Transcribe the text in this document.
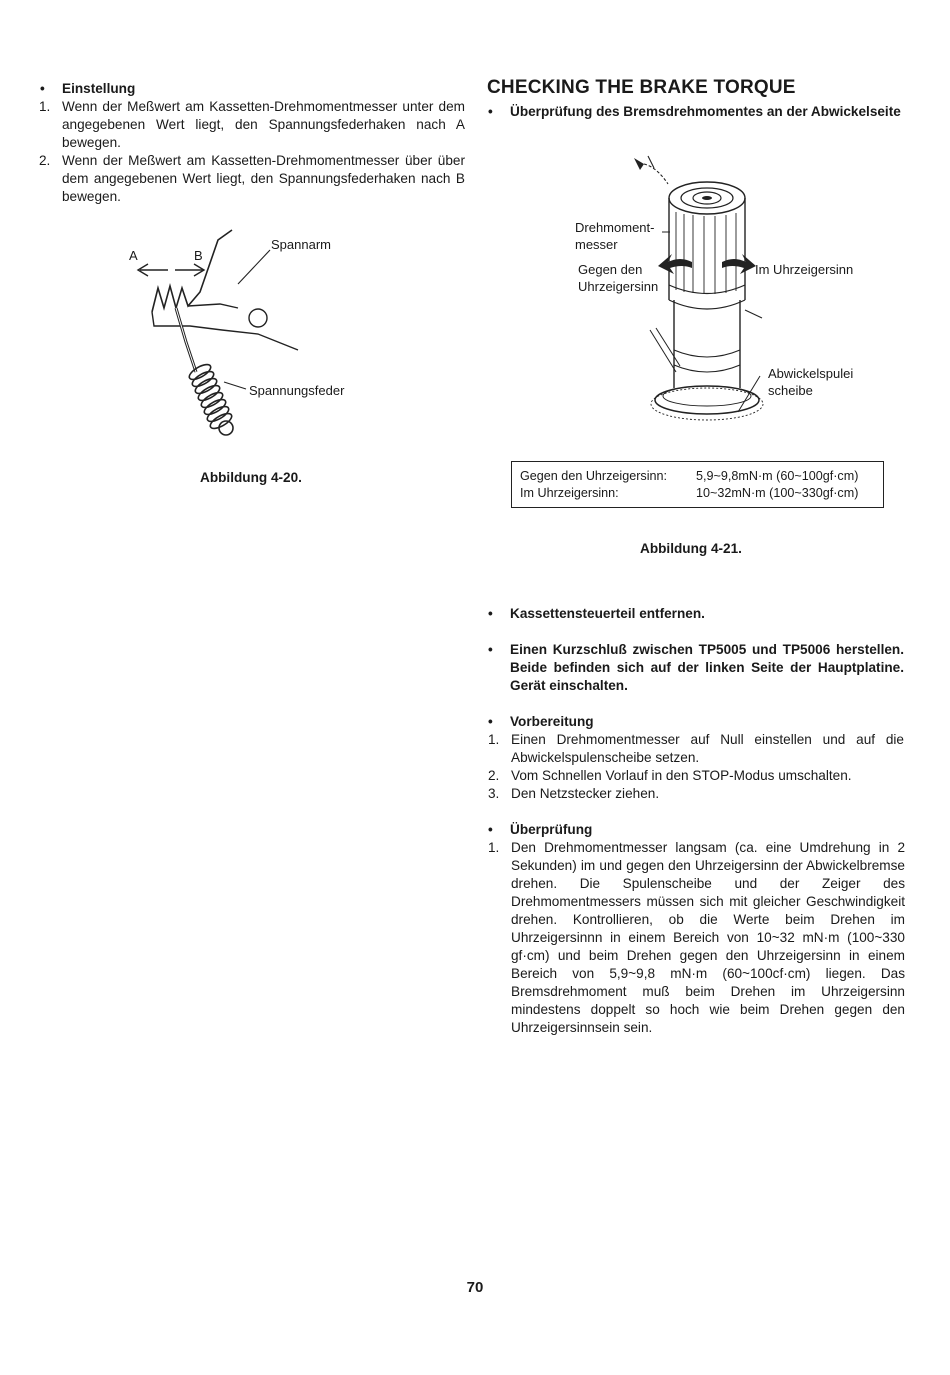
• Einstellung
1. Wenn der Meßwert am Kassetten-Drehmomentmesser unter dem angegebenen Wert liegt, den Spannungsfederhaken nach A bewegen.
2. Wenn der Meßwert am Kassetten-Drehmomentmesser über über dem angegebenen Wert liegt, den Spannungsfederhaken nach B bewegen.
A	B
Spannarm
Spannungsfeder
Abbildung 4-20.
CHECKING THE BRAKE TORQUE
• Überprüfung des Bremsdrehmomentes an der Abwickelseite
Drehmoment-
messer
Gegen den
Uhrzeigersinn
Im Uhrzeigersinn
Abwickelspulei
scheibe
Gegen den Uhrzeigersinn: 5,9~9,8mN·m (60~100gf·cm)
Im Uhrzeigersinn:	10~32mN·m (100~330gf·cm)
Abbildung 4-21.
• Kassettensteuerteil entfernen.
• Einen Kurzschluß zwischen TP5005 und TP5006 herstellen. Beide befinden sich auf der linken Seite der Hauptplatine. Gerät einschalten.
• Vorbereitung
1. Einen Drehmomentmesser auf Null einstellen und auf die Abwickelspulenscheibe setzen.
2. Vom Schnellen Vorlauf in den STOP-Modus umschalten.
3. Den Netzstecker ziehen.
• Überprüfung
1. Den Drehmomentmesser langsam (ca. eine Umdrehung in 2 Sekunden) im und gegen den Uhrzeigersinn der Abwickelbremse drehen. Die Spulenscheibe und der Zeiger des Drehmomentmessers müssen sich mit gleicher Geschwindigkeit drehen. Kontrollieren, ob die Werte beim Drehen im Uhrzeigersinnn in einem Bereich von 10~32 mN·m (100~330 gf·cm) und beim Drehen gegen den Uhrzeigersinn in einem Bereich von 5,9~9,8 mN·m (60~100cf·cm) liegen. Das Bremsdrehmoment muß beim Drehen im Uhrzeigersinn mindestens doppelt so hoch wie beim Drehen gegen den Uhrzeigersinnsein sein.
70
